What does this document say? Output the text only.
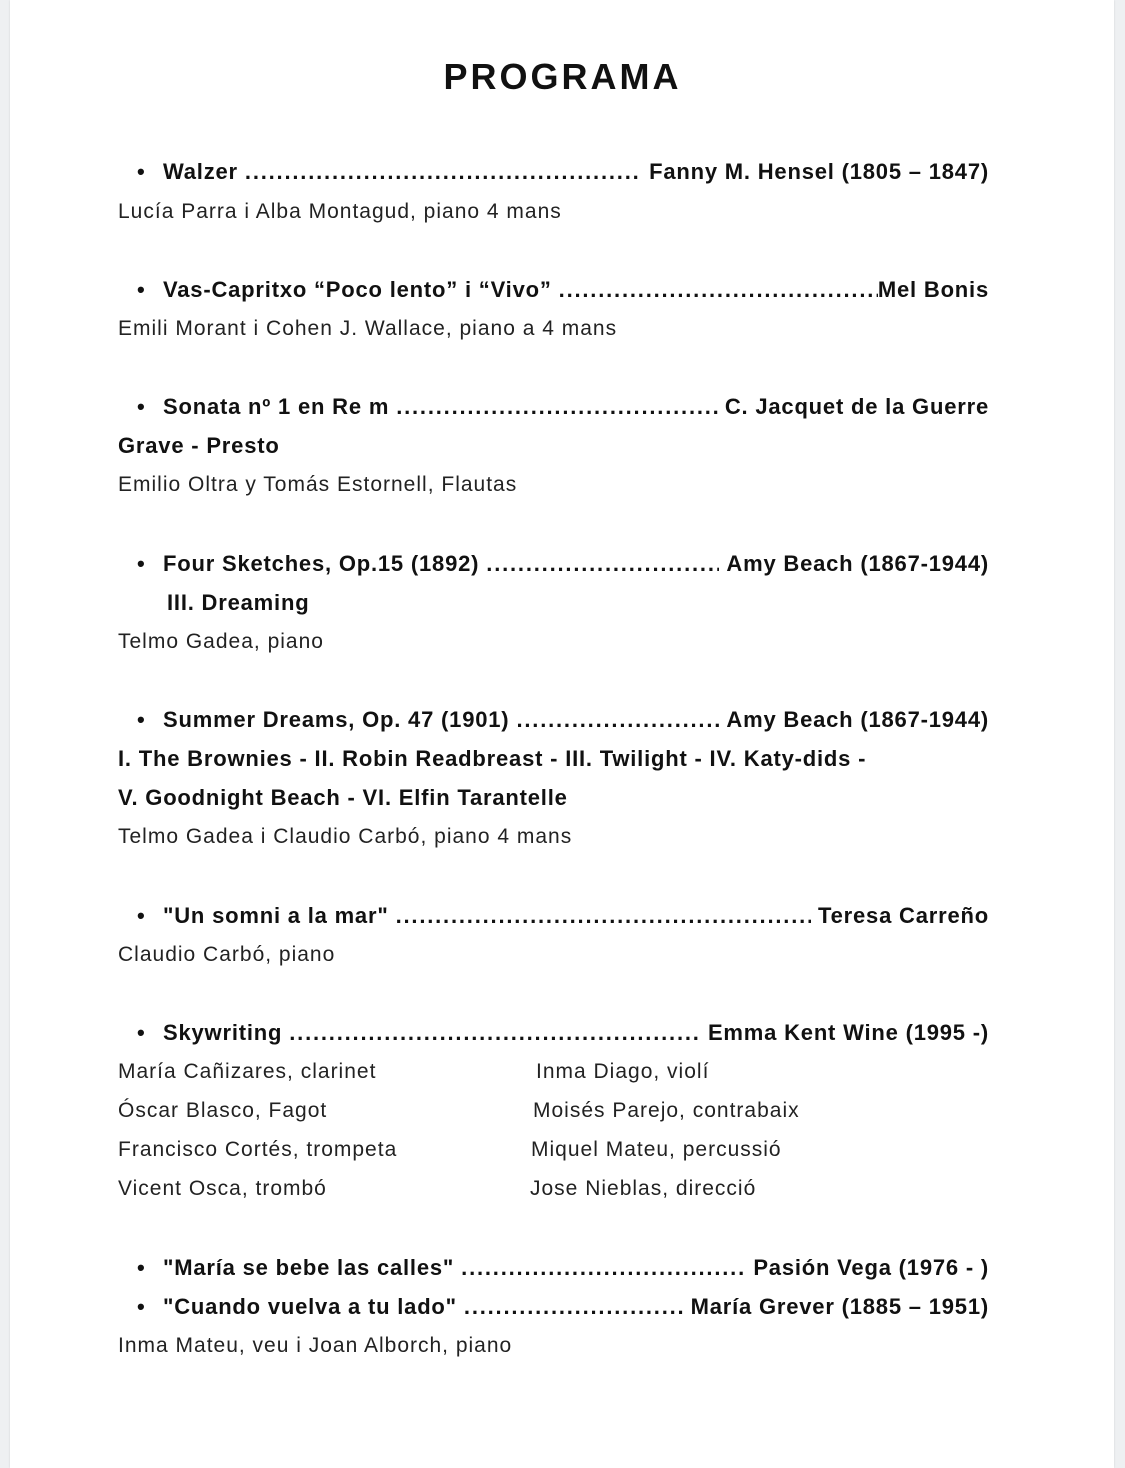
PROGRAMA
• Walzer .....	Fanny M. Hensel (1805 – 1847)
Lucía Parra i Alba Montagud, piano 4 mans
• Vas-Capritxo “Poco lento” i “Vivo” .....	Mel Bonis
Emili Morant i Cohen J. Wallace, piano a 4 mans
• Sonata nº 1 en Re m .....	C. Jacquet de la Guerre
Grave - Presto
Emilio Oltra y Tomás Estornell, Flautas
• Four Sketches, Op.15 (1892) .....	Amy Beach (1867-1944)
III. Dreaming
Telmo Gadea, piano
• Summer Dreams, Op. 47 (1901) .....	Amy Beach (1867-1944)
I. The Brownies - II. Robin Readbreast - III. Twilight - IV. Katy-dids -
V. Goodnight Beach - VI. Elfin Tarantelle
Telmo Gadea i Claudio Carbó, piano 4 mans
• "Un somni a la mar" .....	Teresa Carreño
Claudio Carbó, piano
• Skywriting .....	Emma Kent Wine (1995 -)
María Cañizares, clarinet	Inma Diago, violí
Óscar Blasco, Fagot	Moisés Parejo, contrabaix
Francisco Cortés, trompeta	Miquel Mateu, percussió
Vicent Osca, trombó	Jose Nieblas, direcció
• "María se bebe las calles" .....	Pasión Vega (1976 - )
• "Cuando vuelva a tu lado" .....	María Grever (1885 – 1951)
Inma Mateu, veu i Joan Alborch, piano
